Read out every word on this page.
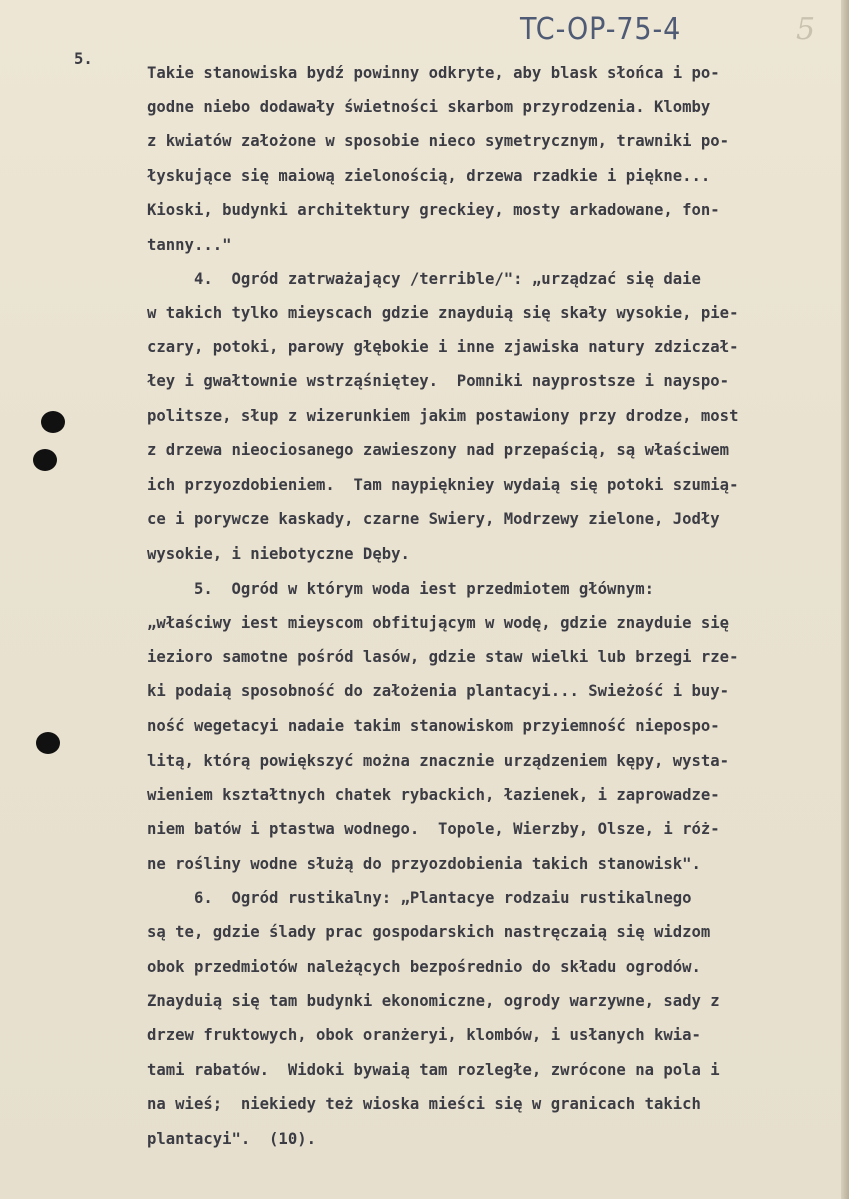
TC-OP-75-4	5
5.
Takie stanowiska bydź powinny odkryte, aby blask słońca i po-
godne niebo dodawały świetności skarbom przyrodzenia. Klomby
z kwiatów założone w sposobie nieco symetrycznym, trawniki po-
łyskujące się maiową zielonością, drzewa rzadkie i piękne...
Kioski, budynki architektury greckiey, mosty arkadowane, fon-
tanny..."
4.  Ogród zatrważający /terrible/": „urządzać się daie
w takich tylko mieyscach gdzie znayduią się skały wysokie, pie-
czary, potoki, parowy głębokie i inne zjawiska natury zdziczał-
łey i gwałtownie wstrząśniętey.  Pomniki nayprostsze i nayspo-
politsze, słup z wizerunkiem jakim postawiony przy drodze, most
z drzewa nieociosanego zawieszony nad przepaścią, są właściwem
ich przyozdobieniem.  Tam naypiękniey wydaią się potoki szumią-
ce i porywcze kaskady, czarne Swiery, Modrzewy zielone, Jodły
wysokie, i niebotyczne Dęby.
5.  Ogród w którym woda iest przedmiotem głównym:
„właściwy iest mieyscom obfitującym w wodę, gdzie znayduie się
iezioro samotne pośród lasów, gdzie staw wielki lub brzegi rze-
ki podaią sposobność do założenia plantacyi... Swieżość i buy-
ność wegetacyi nadaie takim stanowiskom przyiemność niepospo-
litą, którą powiększyć można znacznie urządzeniem kępy, wysta-
wieniem kształtnych chatek rybackich, łazienek, i zaprowadze-
niem batów i ptastwa wodnego.  Topole, Wierzby, Olsze, i róż-
ne rośliny wodne służą do przyozdobienia takich stanowisk".
6.  Ogród rustikalny: „Plantacye rodzaiu rustikalnego
są te, gdzie ślady prac gospodarskich nastręczaią się widzom
obok przedmiotów należących bezpośrednio do składu ogrodów.
Znayduią się tam budynki ekonomiczne, ogrody warzywne, sady z
drzew fruktowych, obok oranżeryi, klombów, i usłanych kwia-
tami rabatów.  Widoki bywaią tam rozległe, zwrócone na pola i
na wieś;  niekiedy też wioska mieści się w granicach takich
plantacyi".  (10).
